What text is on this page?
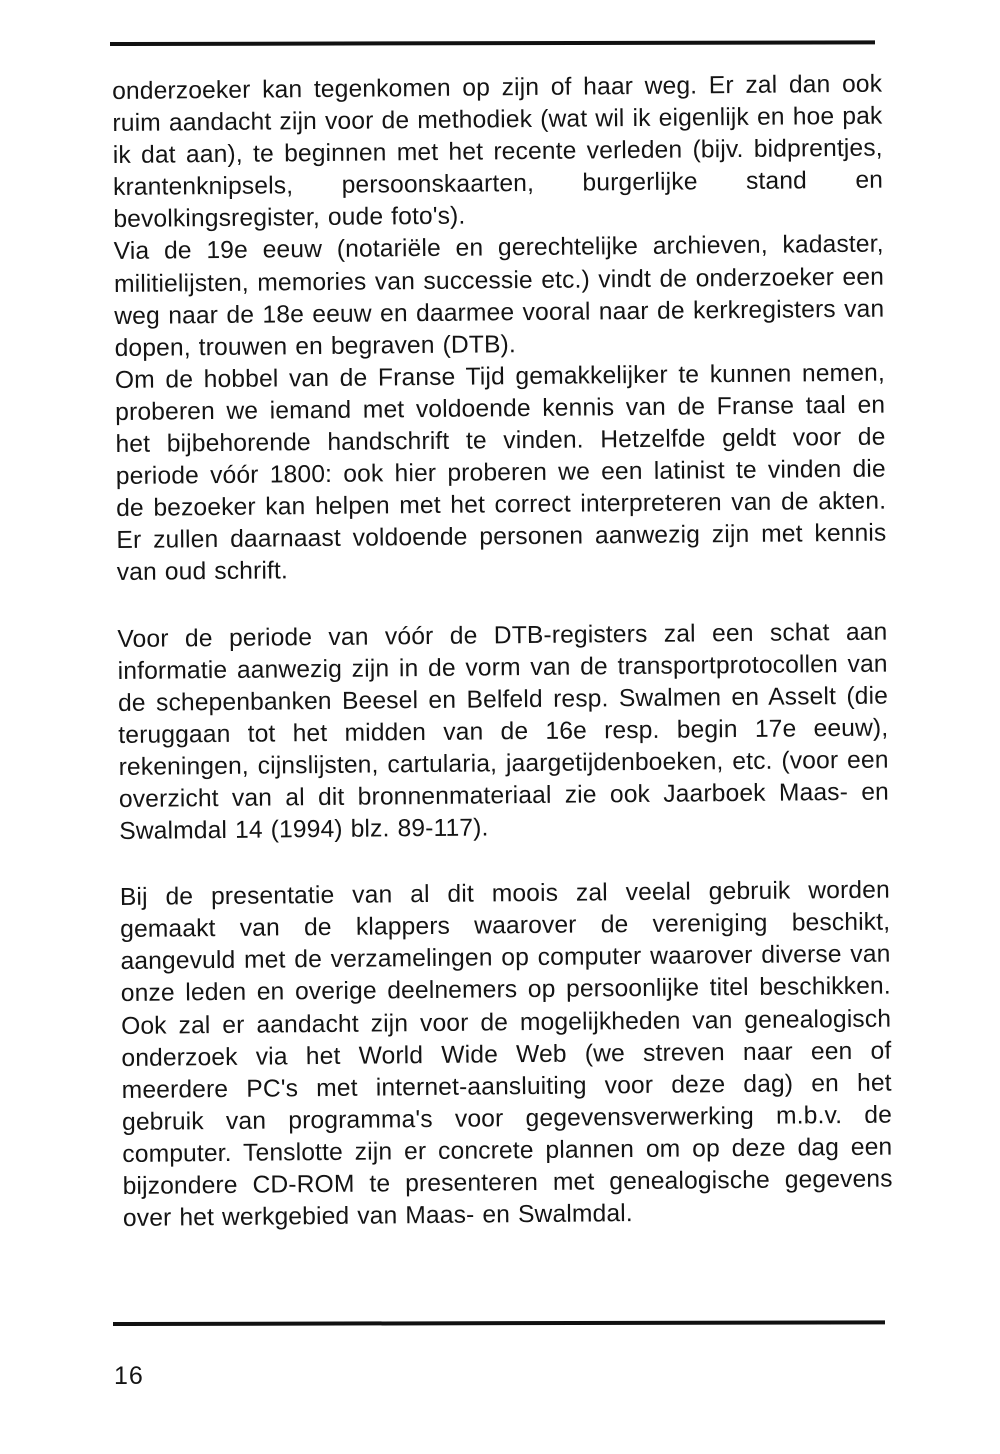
onderzoeker kan tegenkomen op zijn of haar weg. Er zal dan ook ruim aandacht zijn voor de methodiek (wat wil ik eigenlijk en hoe pak ik dat aan), te beginnen met het recente verleden (bijv. bidprentjes, krantenknipsels, persoonskaarten, burgerlijke stand en bevolkingsregister, oude foto's).

Via de 19e eeuw (notariële en gerechtelijke archieven, kadaster, militielijsten, memories van successie etc.) vindt de onderzoeker een weg naar de 18e eeuw en daarmee vooral naar de kerkregisters van dopen, trouwen en begraven (DTB).

Om de hobbel van de Franse Tijd gemakkelijker te kunnen nemen, proberen we iemand met voldoende kennis van de Franse taal en het bijbehorende handschrift te vinden. Hetzelfde geldt voor de periode vóór 1800: ook hier proberen we een latinist te vinden die de bezoeker kan helpen met het correct interpreteren van de akten. Er zullen daarnaast voldoende personen aanwezig zijn met kennis van oud schrift.

Voor de periode van vóór de DTB-registers zal een schat aan informatie aanwezig zijn in de vorm van de transportprotocollen van de schepenbanken Beesel en Belfeld resp. Swalmen en Asselt (die teruggaan tot het midden van de 16e resp. begin 17e eeuw), rekeningen, cijnslijsten, cartularia, jaargetijdenboeken, etc. (voor een overzicht van al dit bronnenmateriaal zie ook Jaarboek Maas- en Swalmdal 14 (1994) blz. 89-117).

Bij de presentatie van al dit moois zal veelal gebruik worden gemaakt van de klappers waarover de vereniging beschikt, aangevuld met de verzamelingen op computer waarover diverse van onze leden en overige deelnemers op persoonlijke titel beschikken. Ook zal er aandacht zijn voor de mogelijkheden van genealogisch onderzoek via het World Wide Web (we streven naar een of meerdere PC's met internet-aansluiting voor deze dag) en het gebruik van programma's voor gegevensverwerking m.b.v. de computer. Tenslotte zijn er concrete plannen om op deze dag een bijzondere CD-ROM te presenteren met genealogische gegevens over het werkgebied van Maas- en Swalmdal.

16
